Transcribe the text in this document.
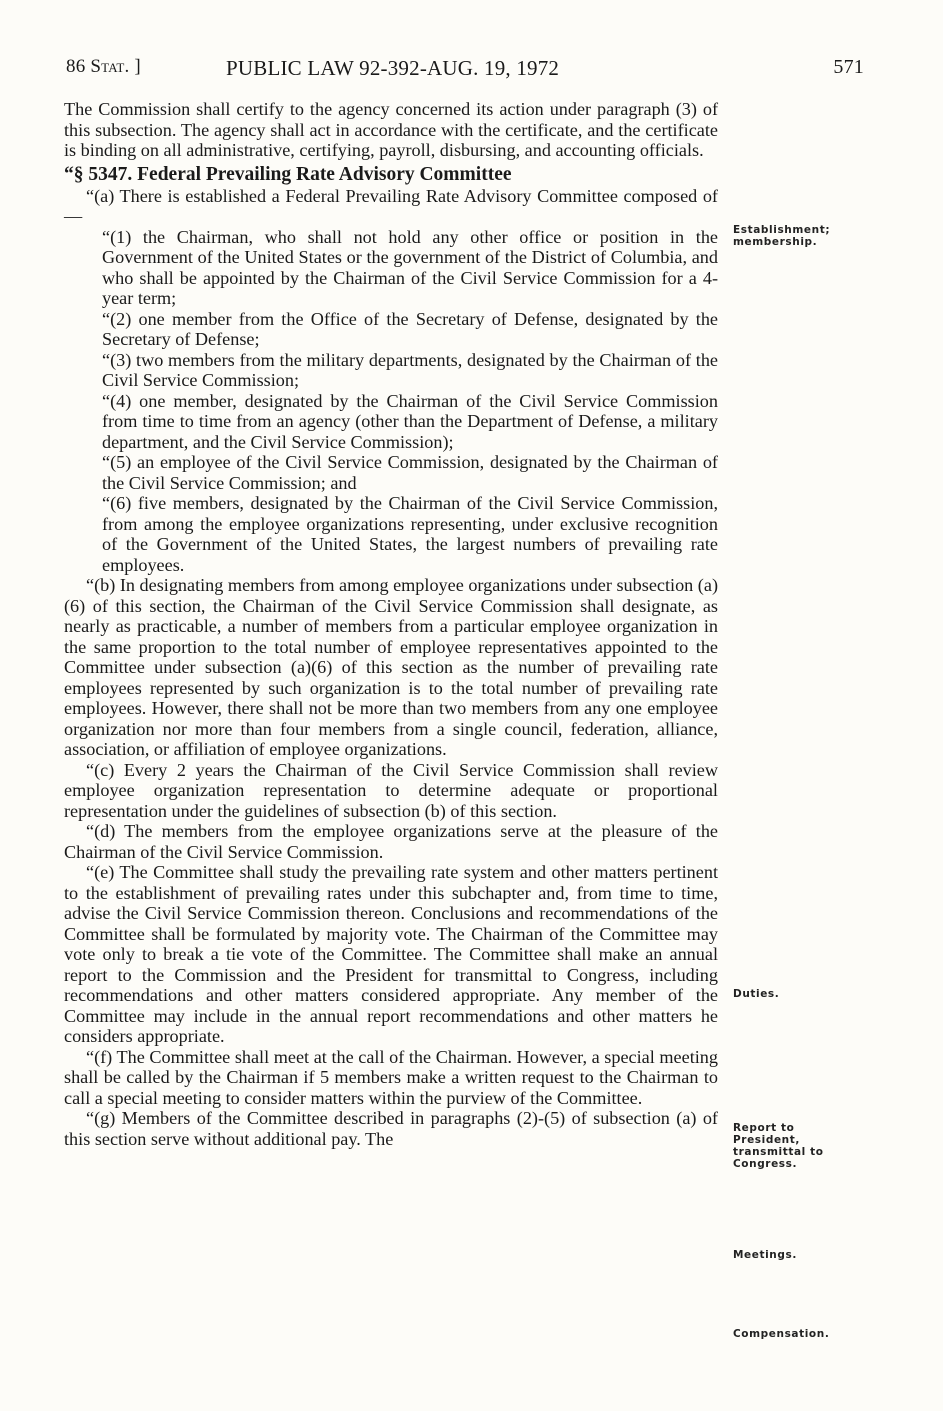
86 Stat. ]	PUBLIC LAW 92-392-AUG. 19, 1972	571

The Commission shall certify to the agency concerned its action under paragraph (3) of this subsection. The agency shall act in accordance with the certificate, and the certificate is binding on all administrative, certifying, payroll, disbursing, and accounting officials.

“§ 5347. Federal Prevailing Rate Advisory Committee

“(a) There is established a Federal Prevailing Rate Advisory Committee composed of—

“(1) the Chairman, who shall not hold any other office or position in the Government of the United States or the government of the District of Columbia, and who shall be appointed by the Chairman of the Civil Service Commission for a 4-year term;

“(2) one member from the Office of the Secretary of Defense, designated by the Secretary of Defense;

“(3) two members from the military departments, designated by the Chairman of the Civil Service Commission;

“(4) one member, designated by the Chairman of the Civil Service Commission from time to time from an agency (other than the Department of Defense, a military department, and the Civil Service Commission);

“(5) an employee of the Civil Service Commission, designated by the Chairman of the Civil Service Commission; and

“(6) five members, designated by the Chairman of the Civil Service Commission, from among the employee organizations representing, under exclusive recognition of the Government of the United States, the largest numbers of prevailing rate employees.

“(b) In designating members from among employee organizations under subsection (a)(6) of this section, the Chairman of the Civil Service Commission shall designate, as nearly as practicable, a number of members from a particular employee organization in the same proportion to the total number of employee representatives appointed to the Committee under subsection (a)(6) of this section as the number of prevailing rate employees represented by such organization is to the total number of prevailing rate employees. However, there shall not be more than two members from any one employee organization nor more than four members from a single council, federation, alliance, association, or affiliation of employee organizations.

“(c) Every 2 years the Chairman of the Civil Service Commission shall review employee organization representation to determine adequate or proportional representation under the guidelines of subsection (b) of this section.

“(d) The members from the employee organizations serve at the pleasure of the Chairman of the Civil Service Commission.

“(e) The Committee shall study the prevailing rate system and other matters pertinent to the establishment of prevailing rates under this subchapter and, from time to time, advise the Civil Service Commission thereon. Conclusions and recommendations of the Committee shall be formulated by majority vote. The Chairman of the Committee may vote only to break a tie vote of the Committee. The Committee shall make an annual report to the Commission and the President for transmittal to Congress, including recommendations and other matters considered appropriate. Any member of the Committee may include in the annual report recommendations and other matters he considers appropriate.

“(f) The Committee shall meet at the call of the Chairman. However, a special meeting shall be called by the Chairman if 5 members make a written request to the Chairman to call a special meeting to consider matters within the purview of the Committee.

“(g) Members of the Committee described in paragraphs (2)-(5) of subsection (a) of this section serve without additional pay. The

Establishment; membership.
Duties.
Report to President, transmittal to Congress.
Meetings.
Compensation.
